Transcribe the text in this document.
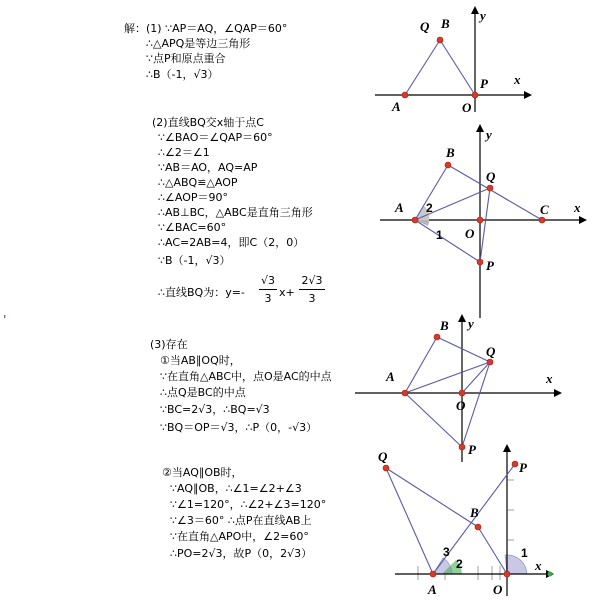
解：(1) ∵AP＝AQ，∠QAP＝60°
∴△APQ是等边三角形
∵点P和原点重合
∴B（-1，√3）
(2)直线BQ交x轴于点C
∵∠BAO＝∠QAP＝60°
∴∠2＝∠1
∵AB＝AO，AQ=AP
∴△ABQ≌△AOP
∴∠AOP＝90°
∴AB⊥BC，△ABC是直角三角形
∵∠BAC=60°
∴AC=2AB=4，即C（2，0）
∵B（-1，√3）
∴直线BQ为：y=-
√3
3 x+
2√3
3
(3)存在
①当AB∥OQ时，
∵在直角△ABC中，点O是AC的中点
∴点Q是BC的中点
∵BC=2√3，∴BQ=√3
∵BQ＝OP＝√3，∴P（0，-√3）
②当AQ∥OB时，
∵AQ∥OB，∴∠1=∠2+∠3
∵∠1=120°，∴∠2+∠3=120°
∵∠3＝60° ∴点P在直线AB上
∵在直角△APO中，∠2=60°
∴PO=2√3，故P（0，2√3）
'
Q B
y
x
P
A	O
B
y
Q
A 2
1 O
C x
P
B y
Q
A	x
O
P
Q
P
B
3
2
1
A	O
x
